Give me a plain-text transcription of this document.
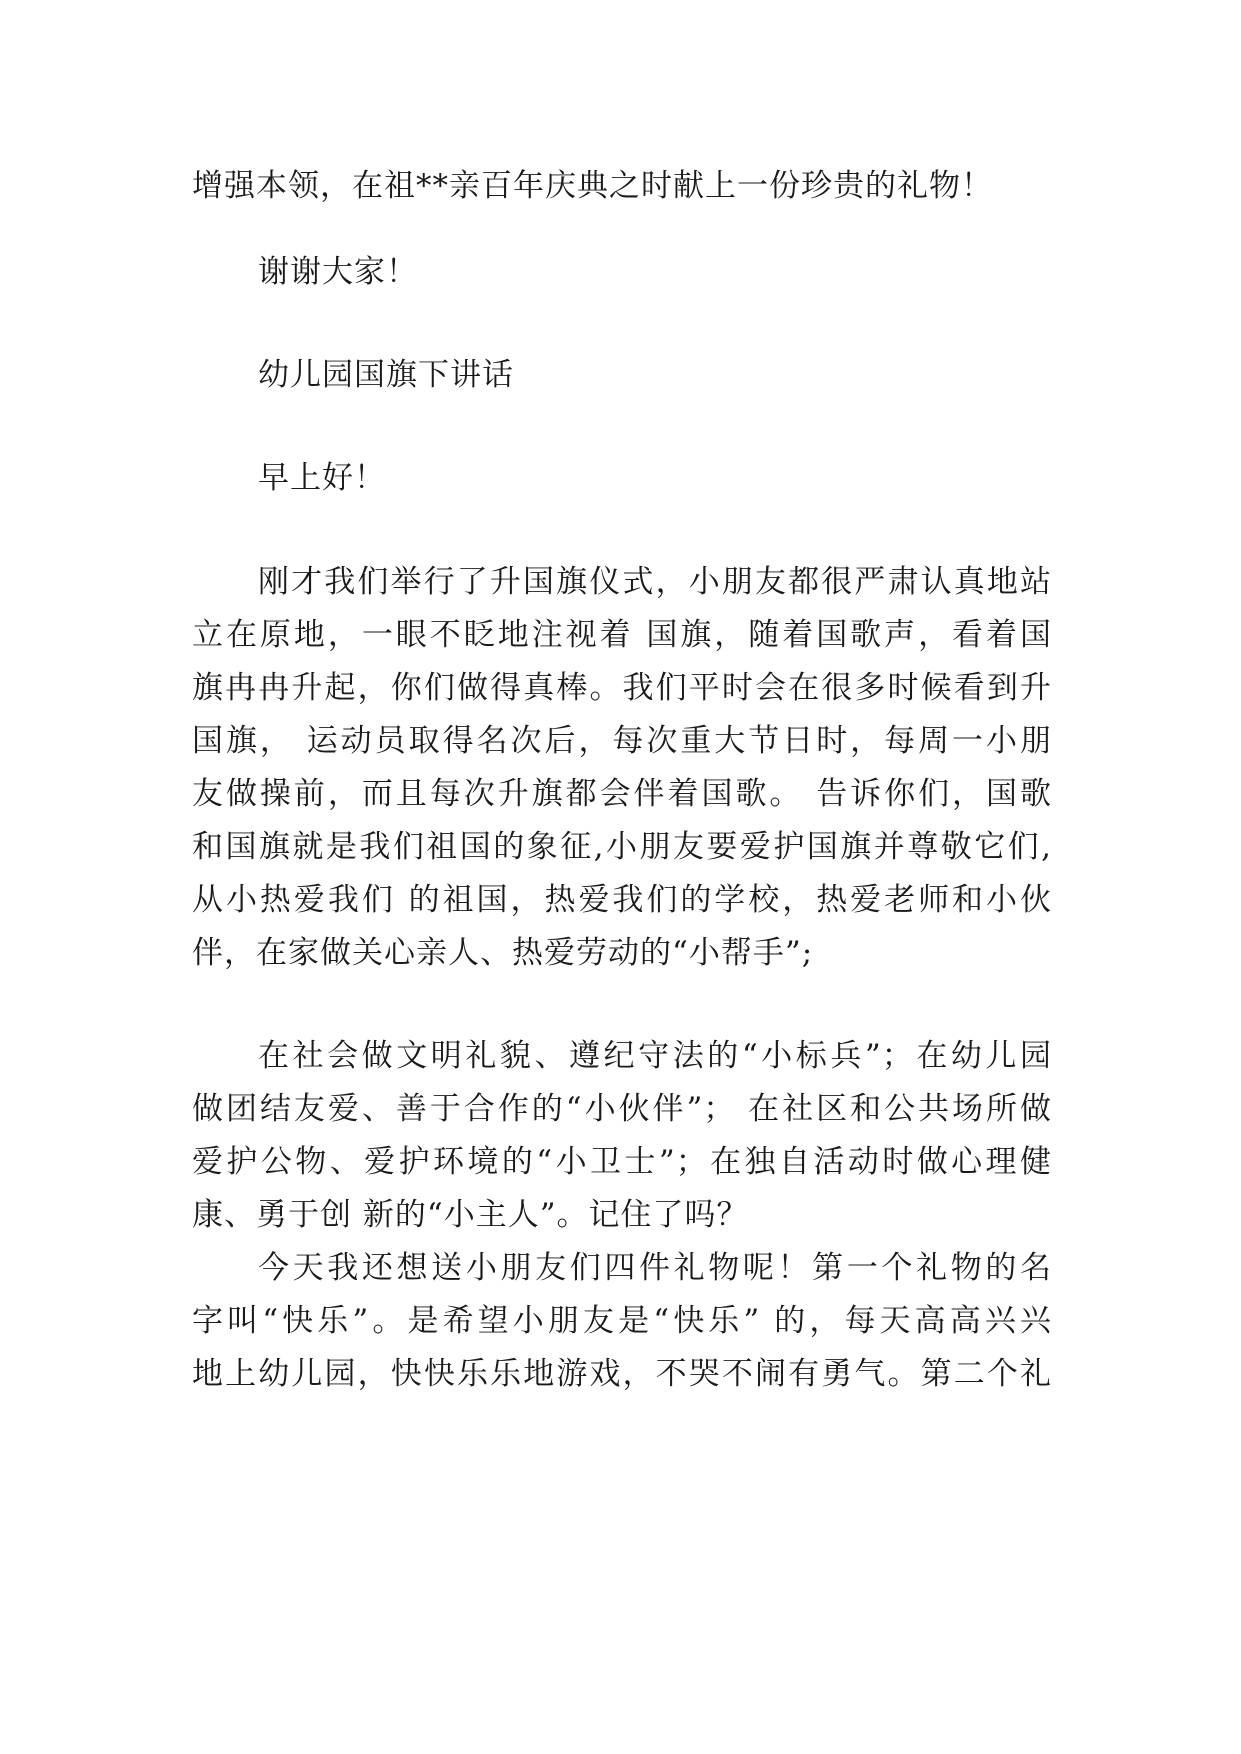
增强本领，在祖**亲百年庆典之时献上一份珍贵的礼物！
谢谢大家！
幼儿园国旗下讲话
早上好！
刚才我们举行了升国旗仪式，小朋友都很严肃认真地站
立在原地，一眼不眨地注视着 国旗，随着国歌声，看着国
旗冉冉升起，你们做得真棒。我们平时会在很多时候看到升
国旗， 运动员取得名次后，每次重大节日时，每周一小朋
友做操前，而且每次升旗都会伴着国歌。 告诉你们，国歌
和国旗就是我们祖国的象征,小朋友要爱护国旗并尊敬它们,
从小热爱我们 的祖国，热爱我们的学校，热爱老师和小伙
伴，在家做关心亲人、热爱劳动的“小帮手”;
在社会做文明礼貌、遵纪守法的“小标兵”；在幼儿园
做团结友爱、善于合作的“小伙伴”； 在社区和公共场所做
爱护公物、爱护环境的“小卫士”；在独自活动时做心理健
康、勇于创 新的“小主人”。记住了吗？
今天我还想送小朋友们四件礼物呢！第一个礼物的名
字叫“快乐”。是希望小朋友是“快乐” 的，每天高高兴兴
地上幼儿园，快快乐乐地游戏，不哭不闹有勇气。第二个礼
